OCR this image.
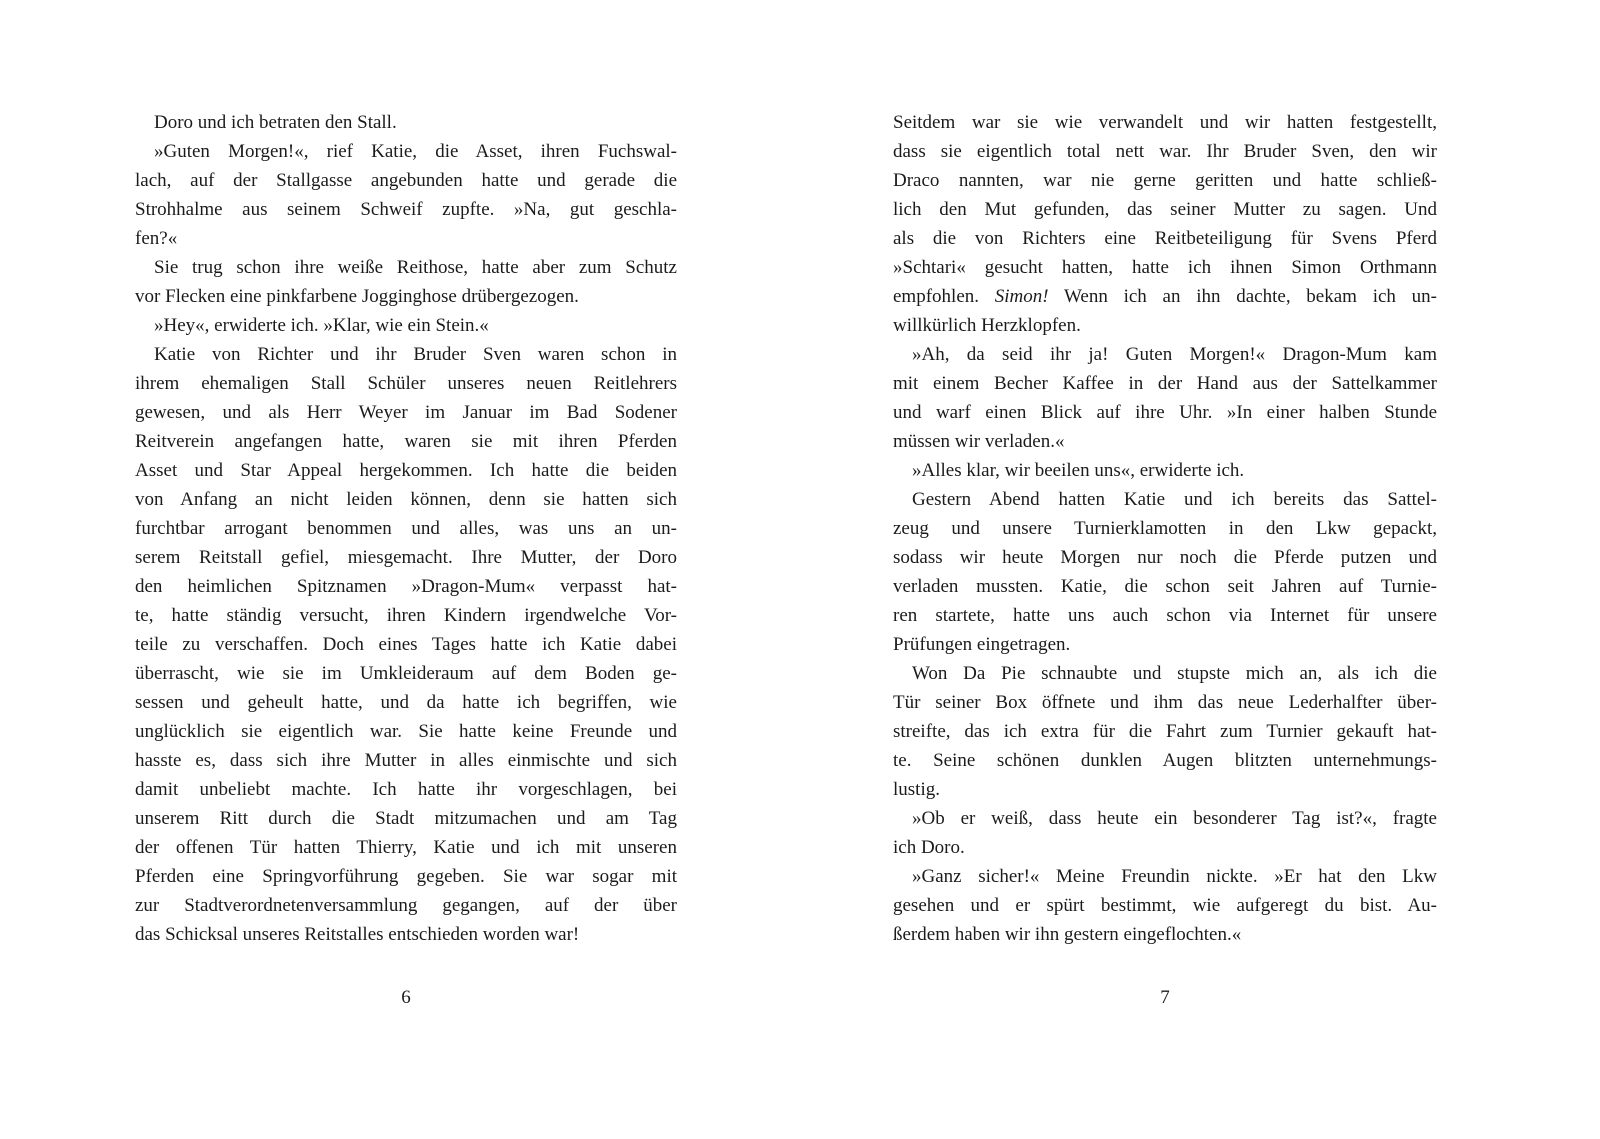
Doro und ich betraten den Stall.
»Guten Morgen!«, rief Katie, die Asset, ihren Fuchswal-
lach, auf der Stallgasse angebunden hatte und gerade die
Strohhalme aus seinem Schweif zupfte. »Na, gut geschla-
fen?«
Sie trug schon ihre weiße Reithose, hatte aber zum Schutz
vor Flecken eine pinkfarbene Jogginghose drübergezogen.
»Hey«, erwiderte ich. »Klar, wie ein Stein.«
Katie von Richter und ihr Bruder Sven waren schon in
ihrem ehemaligen Stall Schüler unseres neuen Reitlehrers
gewesen, und als Herr Weyer im Januar im Bad Sodener
Reitverein angefangen hatte, waren sie mit ihren Pferden
Asset und Star Appeal hergekommen. Ich hatte die beiden
von Anfang an nicht leiden können, denn sie hatten sich
furchtbar arrogant benommen und alles, was uns an un-
serem Reitstall gefiel, miesgemacht. Ihre Mutter, der Doro
den heimlichen Spitznamen »Dragon-Mum« verpasst hat-
te, hatte ständig versucht, ihren Kindern irgendwelche Vor-
teile zu verschaffen. Doch eines Tages hatte ich Katie dabei
überrascht, wie sie im Umkleideraum auf dem Boden ge-
sessen und geheult hatte, und da hatte ich begriffen, wie
unglücklich sie eigentlich war. Sie hatte keine Freunde und
hasste es, dass sich ihre Mutter in alles einmischte und sich
damit unbeliebt machte. Ich hatte ihr vorgeschlagen, bei
unserem Ritt durch die Stadt mitzumachen und am Tag
der offenen Tür hatten Thierry, Katie und ich mit unseren
Pferden eine Springvorführung gegeben. Sie war sogar mit
zur Stadtverordnetenversammlung gegangen, auf der über
das Schicksal unseres Reitstalles entschieden worden war!
6
Seitdem war sie wie verwandelt und wir hatten festgestellt,
dass sie eigentlich total nett war. Ihr Bruder Sven, den wir
Draco nannten, war nie gerne geritten und hatte schließ-
lich den Mut gefunden, das seiner Mutter zu sagen. Und
als die von Richters eine Reitbeteiligung für Svens Pferd
»Schtari« gesucht hatten, hatte ich ihnen Simon Orthmann
empfohlen. Simon! Wenn ich an ihn dachte, bekam ich un-
willkürlich Herzklopfen.
»Ah, da seid ihr ja! Guten Morgen!« Dragon-Mum kam
mit einem Becher Kaffee in der Hand aus der Sattelkammer
und warf einen Blick auf ihre Uhr. »In einer halben Stunde
müssen wir verladen.«
»Alles klar, wir beeilen uns«, erwiderte ich.
Gestern Abend hatten Katie und ich bereits das Sattel-
zeug und unsere Turnierklamotten in den Lkw gepackt,
sodass wir heute Morgen nur noch die Pferde putzen und
verladen mussten. Katie, die schon seit Jahren auf Turnie-
ren startete, hatte uns auch schon via Internet für unsere
Prüfungen eingetragen.
Won Da Pie schnaubte und stupste mich an, als ich die
Tür seiner Box öffnete und ihm das neue Lederhalfter über-
streifte, das ich extra für die Fahrt zum Turnier gekauft hat-
te. Seine schönen dunklen Augen blitzten unternehmungs-
lustig.
»Ob er weiß, dass heute ein besonderer Tag ist?«, fragte
ich Doro.
»Ganz sicher!« Meine Freundin nickte. »Er hat den Lkw
gesehen und er spürt bestimmt, wie aufgeregt du bist. Au-
ßerdem haben wir ihn gestern eingeflochten.«
7
